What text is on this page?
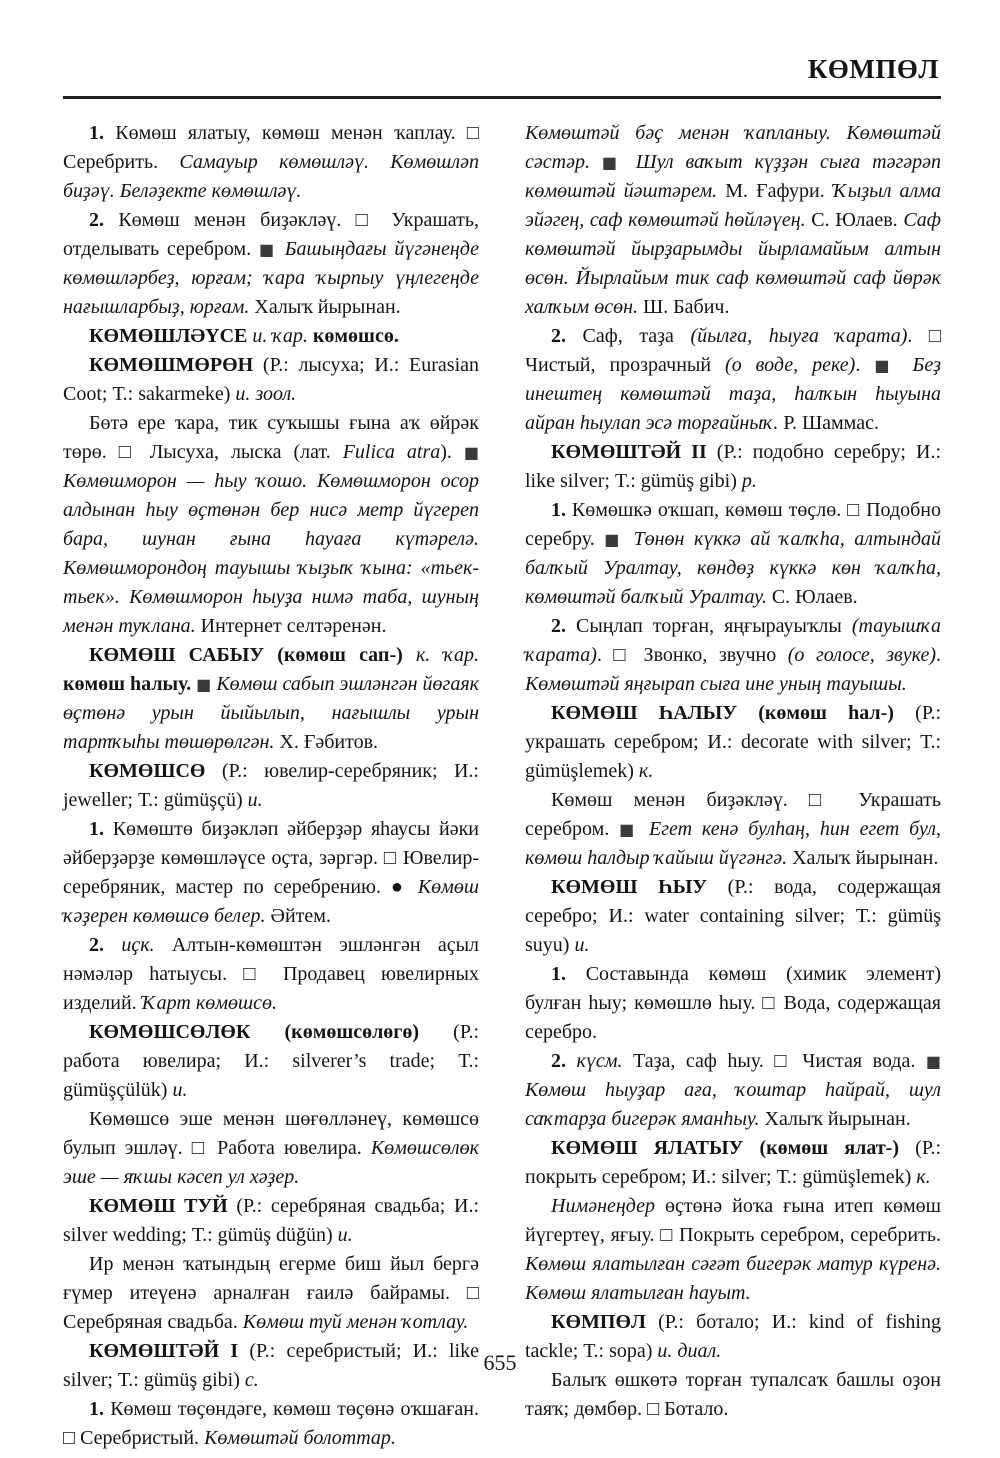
КӨМПӨЛ

1. Көмөш ялатыу, көмөш менән ҡаплау. □ Серебрить. Самауыр көмөшләү. Көмөшләп биҙәү. Беләҙекте көмөшләү.

2. Көмөш менән биҙәкләү. □ Украшать, отделывать серебром. ■ Башыңдағы йүгәнеңде көмөшләрбеҙ, юрғам; ҡара ҡырпыу үңлегеңде нағышларбыҙ, юрғам. Халыҡ йырынан.

КӨМӨШЛӘҮСЕ и. ҡар. көмөшсө.

КӨМӨШМӨРӨН (Р.: лысуха; И.: Eurasian Coot; Т.: sakarmeke) и. зоол.

Бөтә ере ҡара, тик суҡышы ғына аҡ өйрәк төрө. □ Лысуха, лыска (лат. Fulica atra). ■ Көмөшморон — һыу ҡошо. Көмөшморон осор алдынан һыу өҫтөнән бер нисә метр йүгереп бара, шунан ғына һауаға күтәрелә. Көмөшморондоң тауышы ҡыҙыҡ ҡына: «тьек-тьек». Көмөшморон һыуҙа нимә таба, шуның менән туҡлана. Интернет селтәренән.

КӨМӨШ САБЫУ (көмөш сап-) к. ҡар. көмөш һалыу. ■ Көмөш сабып эшләнгән йөгаяк өҫтөнә урын йыйылып, нағышлы урын тартҡыһы төшөрөлгән. Х. Ғәбитов.

КӨМӨШСӨ (Р.: ювелир-серебряник; И.: jeweller; Т.: gümüşçü) и.

1. Көмөштө биҙәкләп әйберҙәр яһаусы йәки әйберҙәрҙе көмөшләүсе оҫта, зәргәр. □ Ювелир-серебряник, мастер по серебрению. ● Көмөш ҡәҙерен көмөшсө белер. Әйтем.

2. иҫк. Алтын-көмөштән эшләнгән аҫыл нәмәләр һатыусы. □ Продавец ювелирных изделий. Ҡарт көмөшсө.

КӨМӨШСӨЛӨК (көмөшсөлөгө) (Р.: работа ювелира; И.: silverer’s trade; Т.: gümüşçülük) и.

Көмөшсө эше менән шөғөлләнеү, көмөшсө булып эшләү. □ Работа ювелира. Көмөшсөлөк эше — яҡшы кәсеп ул хәҙер.

КӨМӨШ ТУЙ (Р.: серебряная свадьба; И.: silver wedding; Т.: gümüş düğün) и.

Ир менән ҡатындың егерме биш йыл бергә ғүмер итеүенә арналған ғаилә байрамы. □ Серебряная свадьба. Көмөш туй менән ҡотлау.

КӨМӨШТӘЙ I (Р.: серебристый; И.: like silver; Т.: gümüş gibi) с.

1. Көмөш төҫөндәге, көмөш төҫөнә оҡшаған. □ Серебристый. Көмөштәй болоттар.

Көмөштәй бәҫ менән ҡапланыу. Көмөштәй сәстәр. ■ Шул ваҡыт күҙҙән сыға тәгәрәп көмөштәй йәштәрем. М. Ғафури. Ҡыҙыл алма эйәгең, саф көмөштәй һөйләүең. С. Юлаев. Саф көмөштәй йырҙарымды йырламайым алтын өсөн. Йырлайым тик саф көмөштәй саф йөрәк халҡым өсөн. Ш. Бабич.

2. Саф, таҙа (йылға, һыуға ҡарата). □ Чистый, прозрачный (о воде, реке). ■ Беҙ инештең көмөштәй таҙа, һалҡын һыуына айран һыулап эсә торғайныҡ. Р. Шаммас.

КӨМӨШТӘЙ II (Р.: подобно серебру; И.: like silver; Т.: gümüş gibi) р.

1. Көмөшкә оҡшап, көмөш төҫлө. □ Подобно серебру. ■ Төнөн күккә ай ҡалҡһа, алтындай балҡый Уралтау, көндөҙ күккә көн ҡалҡһа, көмөштәй балҡый Уралтау. С. Юлаев.

2. Сыңлап торған, яңғырауыҡлы (тауышҡа ҡарата). □ Звонко, звучно (о голосе, звуке). Көмөштәй яңғырап сыға ине уның тауышы.

КӨМӨШ ҺАЛЫУ (көмөш һал-) (Р.: украшать серебром; И.: decorate with silver; Т.: gümüşlemek) к.

Көмөш менән биҙәкләү. □ Украшать серебром. ■ Егет кенә булһаң, һин егет бул, көмөш һалдыр ҡайыш йүгәнгә. Халыҡ йырынан.

КӨМӨШ ҺЫУ (Р.: вода, содержащая серебро; И.: water containing silver; Т.: gümüş suyu) и.

1. Составында көмөш (химик элемент) булған һыу; көмөшлө һыу. □ Вода, содержащая серебро.

2. күсм. Таҙа, саф һыу. □ Чистая вода. ■ Көмөш һыуҙар аға, ҡоштар һайрай, шул саҡтарҙа бигерәк яманһыу. Халыҡ йырынан.

КӨМӨШ ЯЛАТЫУ (көмөш ялат-) (Р.: покрыть серебром; И.: silver; Т.: gümüşlemek) к.

Нимәнеңдер өҫтөнә йоҡа ғына итеп көмөш йүгертеү, яғыу. □ Покрыть серебром, серебрить. Көмөш ялатылған сәғәт бигерәк матур күренә. Көмөш ялатылған һауыт.

КӨМПӨЛ (Р.: ботало; И.: kind of fishing tackle; Т.: sopa) и. диал.

Балыҡ өшкөтә торған тупалсаҡ башлы оҙон таяҡ; дөмбөр. □ Ботало.

655
